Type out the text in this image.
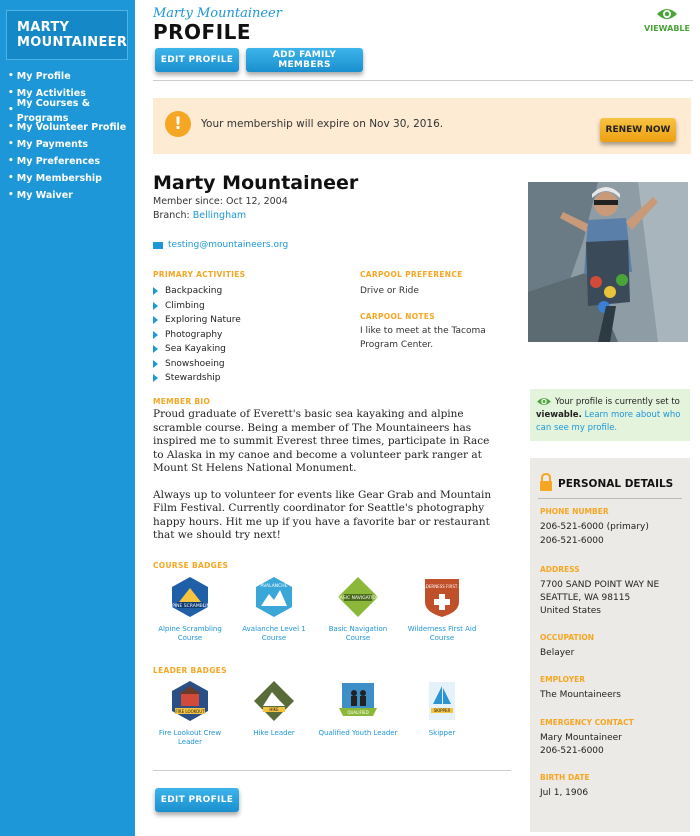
MARTY
MOUNTAINEER
• My Profile
• My Activities
•
My Courses & Programs
• My Volunteer Profile
• My Payments
• My Preferences
• My Membership
• My Waiver
Marty Mountaineer
PROFILE	VIEWABLE
EDIT PROFILE	ADD FAMILY MEMBERS
!	Your membership will expire on Nov 30, 2016.	RENEW NOW
Marty Mountaineer
Member since: Oct 12, 2004
Branch: Bellingham
testing@mountaineers.org
PRIMARY ACTIVITIES
Backpacking
Climbing
Exploring Nature
Photography
Sea Kayaking
Snowshoeing
Stewardship
CARPOOL PREFERENCE
Drive or Ride
CARPOOL NOTES
I like to meet at the Tacoma Program Center.
MEMBER BIO

Proud graduate of Everett's basic sea kayaking and alpine scramble course. Being a member of The Mountaineers has inspired me to summit Everest three times, participate in Race to Alaska in my canoe and become a volunteer park ranger at Mount St Helens National Monument.

Always up to volunteer for events like Gear Grab and Mountain Film Festival. Currently coordinator for Seattle's photography happy hours. Hit me up if you have a favorite bar or restaurant that we should try next!

COURSE BADGES
ALPINE SCRAMBLING
Alpine Scrambling Course
AVALANCHE
Avalanche Level 1 Course
BASIC NAVIGATION
Basic Navigation Course
WILDERNESS FIRST AID
Wilderness First Aid Course
LEADER BADGES
FIRE LOOKOUT
Fire Lookout Crew Leader
HIKE
Hike Leader
QUALIFIED
Qualified Youth Leader
SKIPPER
Skipper
EDIT PROFILE
Your profile is currently set to viewable. Learn more about who can see my profile.
PERSONAL DETAILS
PHONE NUMBER
206-521-6000 (primary)
206-521-6000
ADDRESS
7700 SAND POINT WAY NE
SEATTLE, WA 98115
United States
OCCUPATION
Belayer
EMPLOYER
The Mountaineers
EMERGENCY CONTACT
Mary Mountaineer
206-521-6000
BIRTH DATE
Jul 1, 1906
